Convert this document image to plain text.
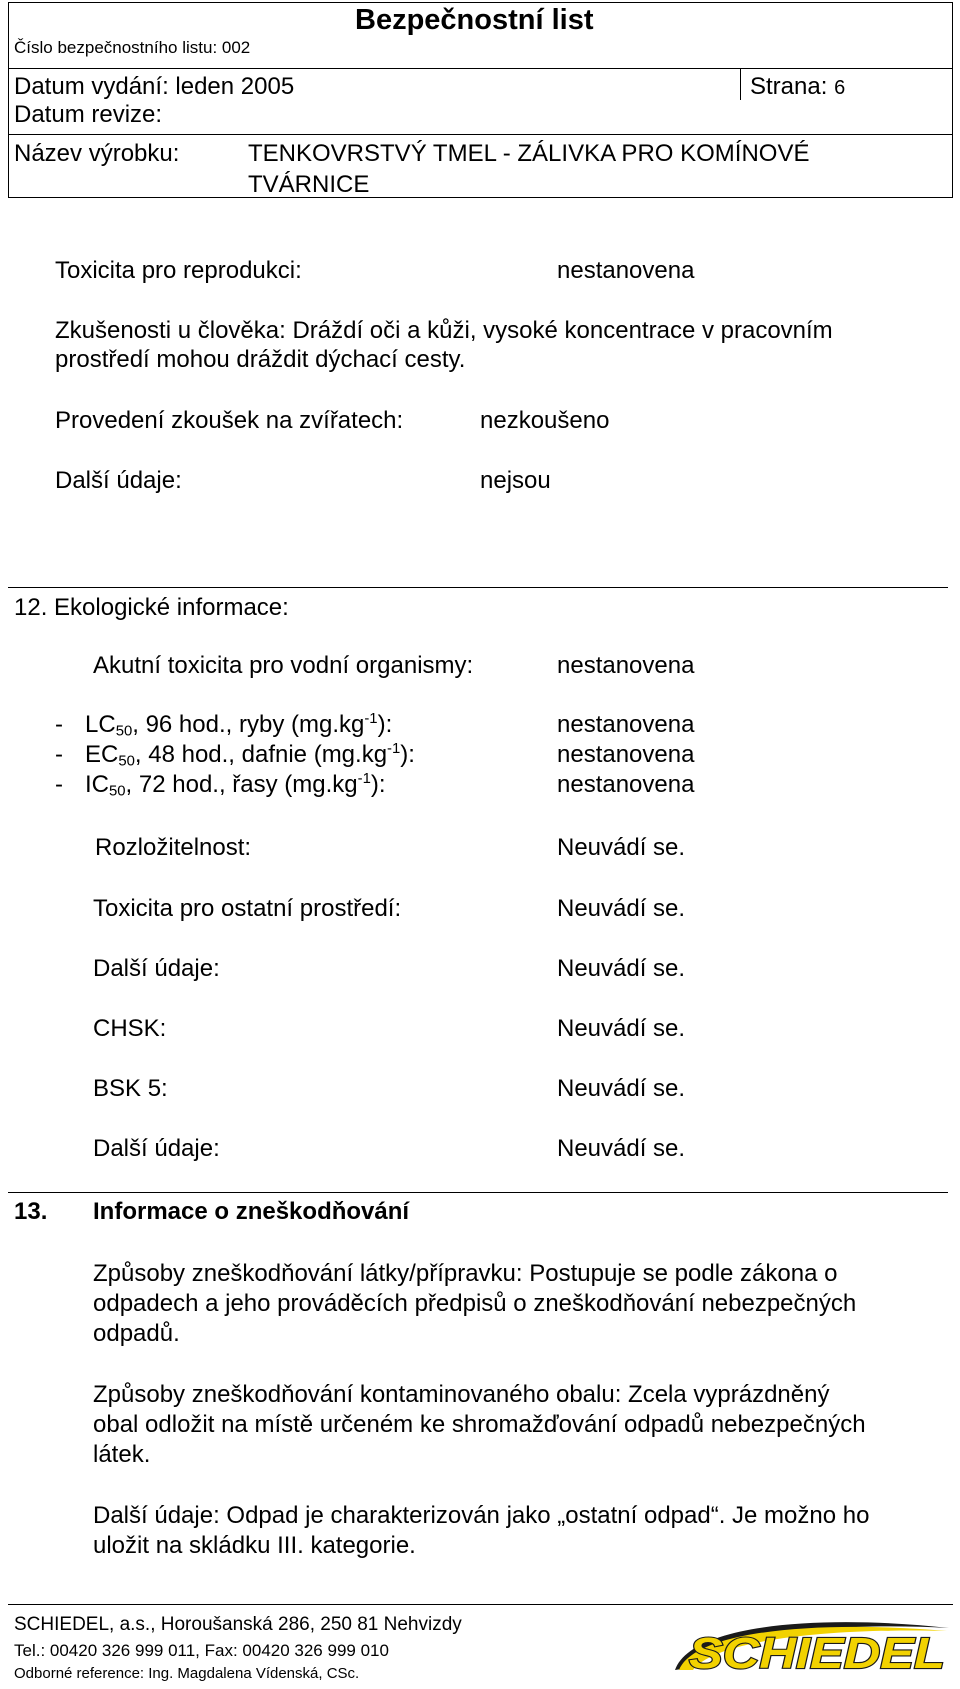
Bezpečnostní list
Číslo bezpečnostního listu: 002
Datum vydání: leden 2005	Strana: 6
Datum revize:
Název výrobku:	TENKOVRSTVÝ TMEL - ZÁLIVKA PRO KOMÍNOVÉ
TVÁRNICE
Toxicita pro reprodukci:	nestanovena
Zkušenosti u člověka: Dráždí oči a kůži, vysoké koncentrace v pracovním
prostředí mohou dráždit dýchací cesty.
Provedení zkoušek na zvířatech:	nezkoušeno
Další údaje:	nejsou
12. Ekologické informace:
Akutní toxicita pro vodní organismy:	nestanovena
- $LC_{50}$, 96 hod., ryby $(mg.kg^{-1})$:	nestanovena
- $EC_{50}$, 48 hod., dafnie $(mg.kg^{-1})$:	nestanovena
- $IC_{50}$, 72 hod., řasy $(mg.kg^{-1})$:	nestanovena
Rozložitelnost:	Neuvádí se.
Toxicita pro ostatní prostředí:	Neuvádí se.
Další údaje:	Neuvádí se.
CHSK:	Neuvádí se.
BSK 5:	Neuvádí se.
Další údaje:	Neuvádí se.
13. Informace o zneškodňování
Způsoby zneškodňování látky/přípravku: Postupuje se podle zákona o
odpadech a jeho prováděcích předpisů o zneškodňování nebezpečných
odpadů.
Způsoby zneškodňování kontaminovaného obalu: Zcela vyprázdněný
obal odložit na místě určeném ke shromažďování odpadů nebezpečných
látek.
Další údaje: Odpad je charakterizován jako „ostatní odpad“. Je možno ho
uložit na skládku III. kategorie.
SCHIEDEL, a.s., Horoušanská 286, 250 81 Nehvizdy
Tel.: 00420 326 999 011, Fax: 00420 326 999 010
Odborné reference: Ing. Magdalena Vídenská, CSc.	SCHIEDEL
